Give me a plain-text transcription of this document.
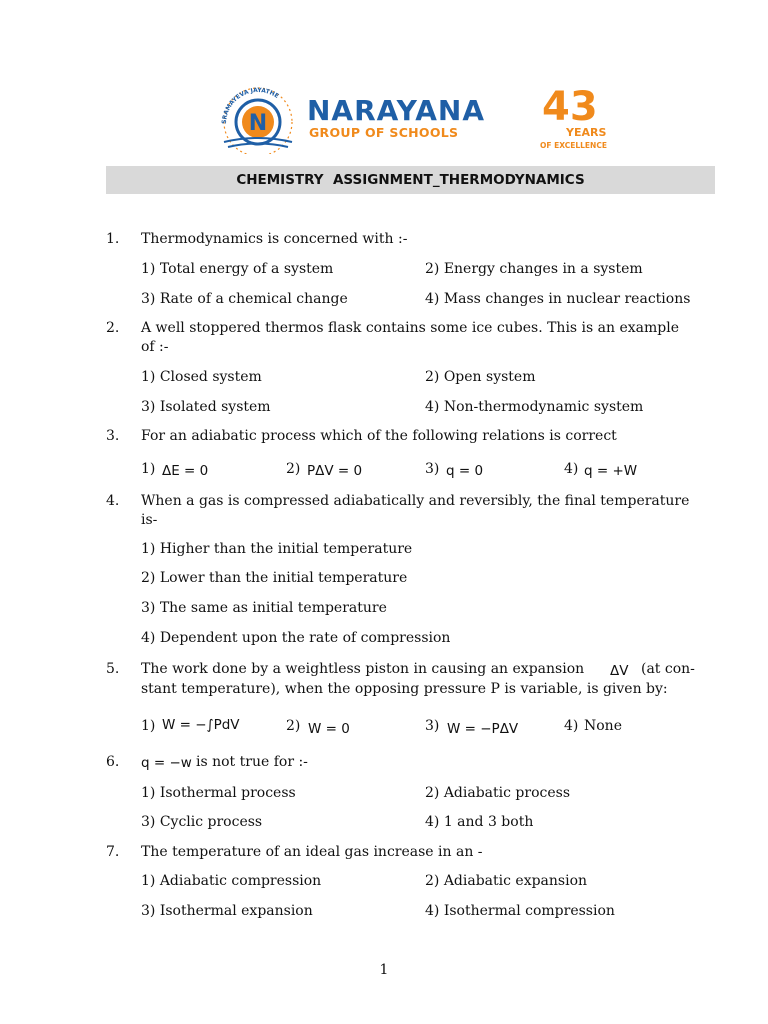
SRAMAYEVA JAYATHE
N NARAYANA
GROUP OF SCHOOLS
43
YEARS
OF EXCELLENCE
CHEMISTRY  ASSIGNMENT_THERMODYNAMICS
1. Thermodynamics is concerned with :-
1) Total energy of a system	2) Energy changes in a system
3) Rate of a chemical change	4) Mass changes in nuclear reactions
2. A well stoppered thermos flask contains some ice cubes. This is an example
of :-
1) Closed system	2) Open system
3) Isolated system	4) Non-thermodynamic system
3. For an adiabatic process which of the following relations is correct
1) ΔE = 0	2) PΔV = 0	3) q = 0	4) q = +W
4. When a gas is compressed adiabatically and reversibly, the final temperature
is-
1) Higher than the initial temperature
2) Lower than the initial temperature
3) The same as initial temperature
4) Dependent upon the rate of compression
5. The work done by a weightless piston in causing an expansion ΔV (at con-
stant temperature), when the opposing pressure P is variable, is given by:
1) W = −∫PdV	2) W = 0	3) W = −PΔV	4) None
6. q = −w is not true for :-
1) Isothermal process	2) Adiabatic process
3) Cyclic process	4) 1 and 3 both
7. The temperature of an ideal gas increase in an -
1) Adiabatic compression	2) Adiabatic expansion
3) Isothermal expansion	4) Isothermal compression
1
